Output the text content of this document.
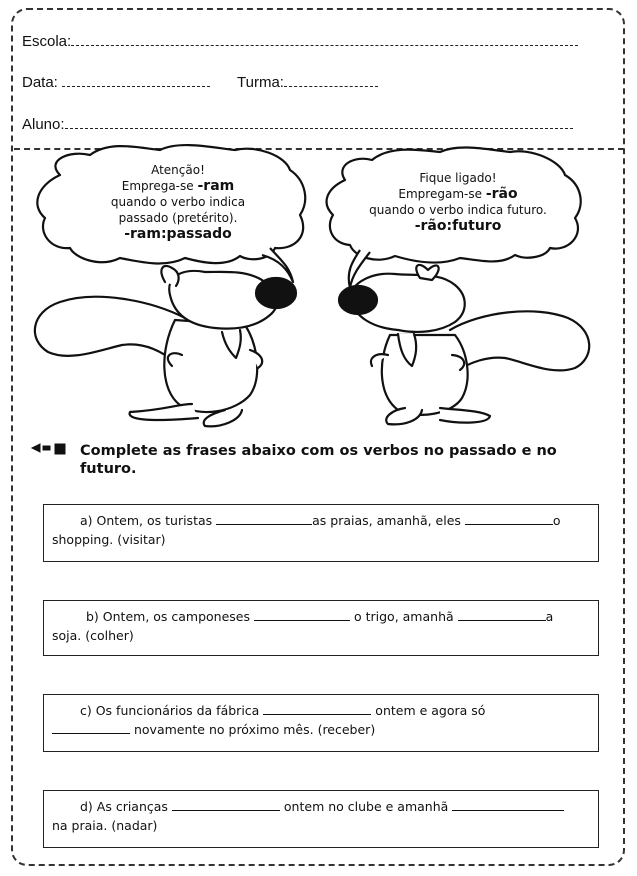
Escola:
Data:	Turma:
Aluno:
Atenção!
Emprega-se -ram
quando o verbo indica
passado (pretérito).
-ram:passado
Fique ligado!
Empregam-se -rão
quando o verbo indica futuro.
-rão:futuro
Complete as frases abaixo com os verbos no passado e no futuro.
a) Ontem, os turistas	as praias, amanhã, eles	o
shopping. (visitar)
b) Ontem, os camponeses	o trigo, amanhã	a
soja. (colher)
c) Os funcionários da fábrica	ontem e agora só
novamente no próximo mês. (receber)
d) As crianças	ontem no clube e amanhã
na praia. (nadar)
